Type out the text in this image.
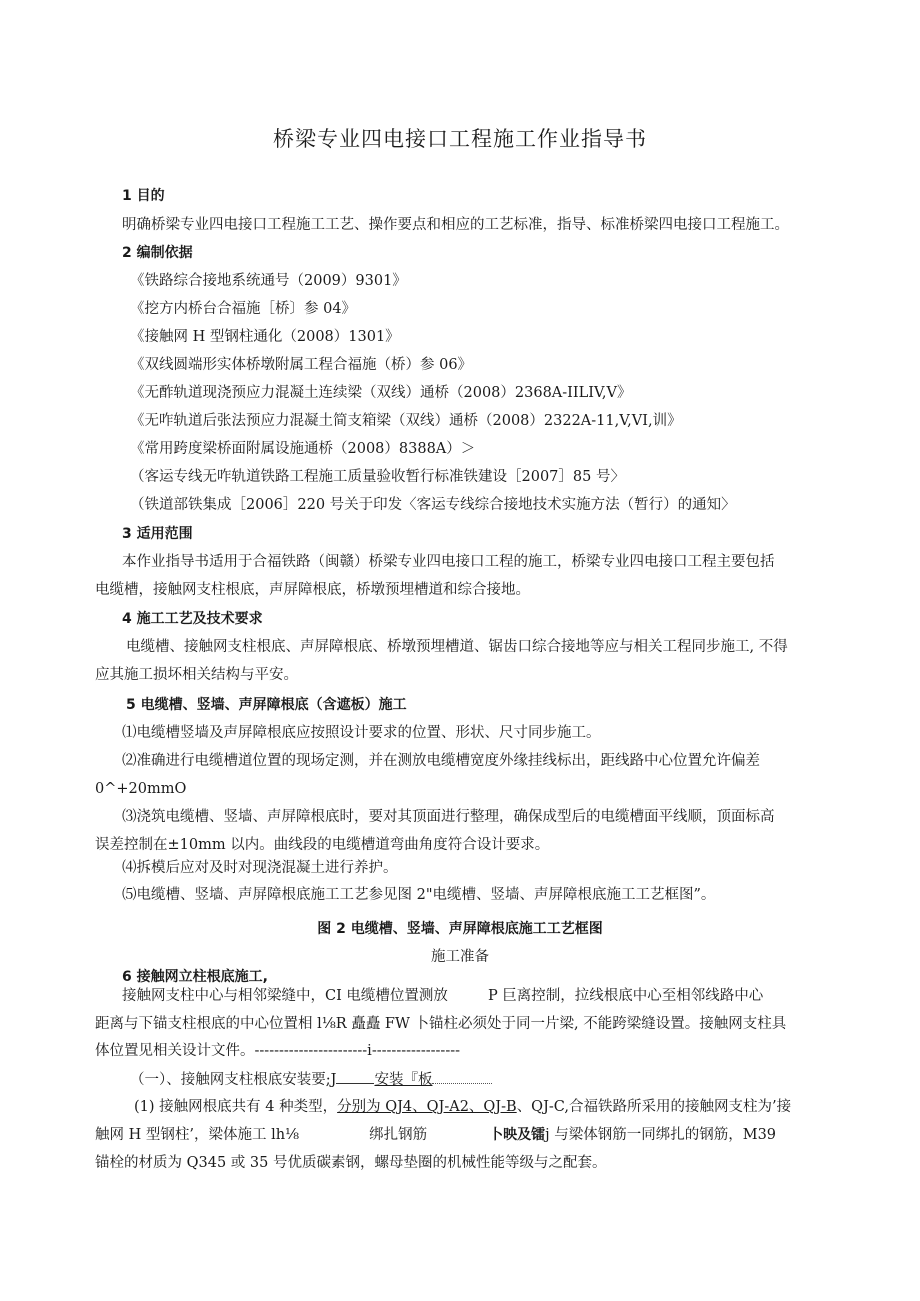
桥梁专业四电接口工程施工作业指导书
1 目的
明确桥梁专业四电接口工程施工工艺、操作要点和相应的工艺标准，指导、标准桥梁四电接口工程施工。
2 编制依据
《铁路综合接地系统通号（2009）9301》
《挖方内桥台合福施［桥〕参 04》
《接触网 H 型钢柱通化（2008）1301》
《双线圆端形实体桥墩附属工程合福施（桥）参 06》
《无酢轨道现浇预应力混凝土连续梁（双线）通桥（2008）2368A-IILIV,V》
《无咋轨道后张法预应力混凝土简支箱梁（双线）通桥（2008）2322A-11,V,VI,训》
《常用跨度梁桥面附属设施通桥（2008）8388A）＞
（客运专线无咋轨道铁路工程施工质量验收暂行标准铁建设［2007］85 号〉
（铁道部铁集成［2006］220 号关于印发〈客运专线综合接地技术实施方法（暂行）的通知〉
3 适用范围
本作业指导书适用于合福铁路（闽赣）桥梁专业四电接口工程的施工，桥梁专业四电接口工程主要包括
电缆槽，接触网支柱根底，声屏障根底，桥墩预埋槽道和综合接地。
4 施工工艺及技术要求
电缆槽、接触网支柱根底、声屏障根底、桥墩预埋槽道、锯齿口综合接地等应与相关工程同步施工, 不得
应其施工损坏相关结构与平安。
5 电缆槽、竖墙、声屏障根底（含遮板）施工
⑴电缆槽竖墙及声屏障根底应按照设计要求的位置、形状、尺寸同步施工。
⑵准确进行电缆槽道位置的现场定测，并在测放电缆槽宽度外缘挂线标出，距线路中心位置允许偏差
0^+20mmO
⑶浇筑电缆槽、竖墙、声屏障根底时，要对其顶面进行整理，确保成型后的电缆槽面平线顺，顶面标高
误差控制在±10mm 以内。曲线段的电缆槽道弯曲角度符合设计要求。
⑷拆模后应对及时对现浇混凝土进行养护。
⑸电缆槽、竖墙、声屏障根底施工工艺参见图 2"电缆槽、竖墙、声屏障根底施工工艺框图”。
图 2 电缆槽、竖墙、声屏障根底施工工艺框图
施工准备
6 接触网立柱根底施工,
接触网支柱中心与相邻梁缝中，CI 电缆槽位置测放	P 巨离控制，拉线根底中心至相邻线路中心
距离与下锚支柱根底的中心位置相 l⅛R 矗矗 FW 卜锚柱必须处于同一片梁, 不能跨梁缝设置。接触网支柱具
体位置见相关设计文件。-----------------------i------------------
（一）、接触网支柱根底安装要;J	安装『板
(1) 接触网根底共有 4 种类型，分别为 QJ4、QJ-A2、QJ-B、QJ-C,合福铁路所采用的接触网支柱为’接
触网 H 型钢柱’，梁体施工 lh⅛	绑扎钢筋	卜映及镭j 与梁体钢筋一同绑扎的钢筋，M39
锚栓的材质为 Q345 或 35 号优质碳素钢，螺母垫圈的机械性能等级与之配套。
